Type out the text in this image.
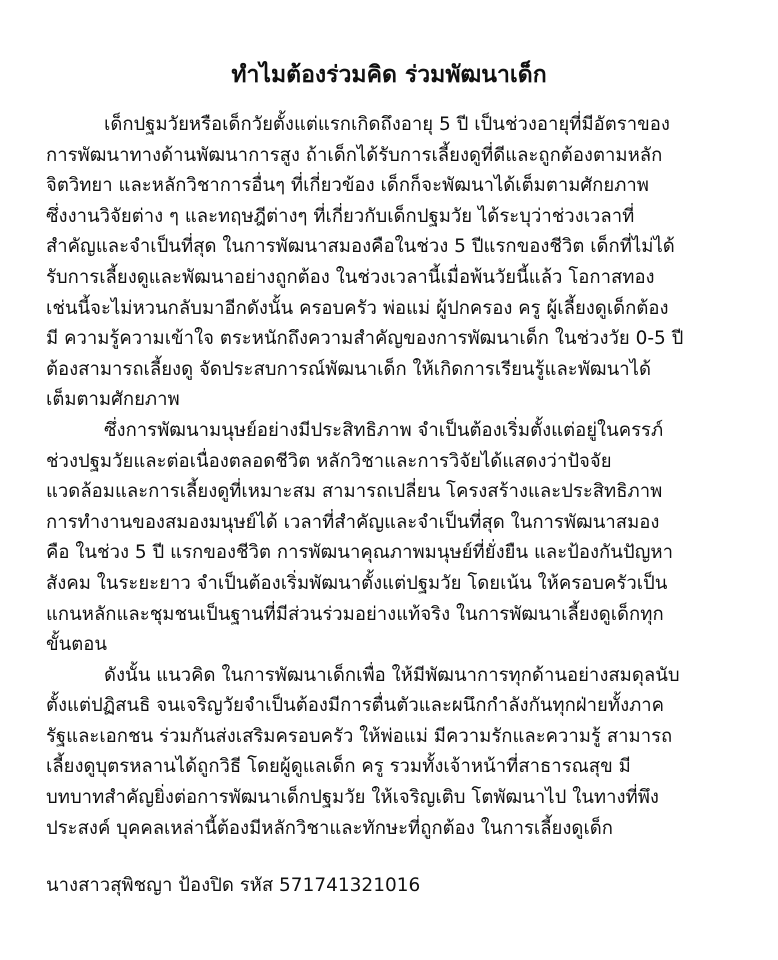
ทำไมต้องร่วมคิด ร่วมพัฒนาเด็ก
เด็กปฐมวัยหรือเด็กวัยตั้งแต่แรกเกิดถึงอายุ 5 ปี เป็นช่วงอายุที่มีอัตราของ
การพัฒนาทางด้านพัฒนาการสูง ถ้าเด็กได้รับการเลี้ยงดูที่ดีและถูกต้องตามหลัก
จิตวิทยา และหลักวิชาการอื่นๆ ที่เกี่ยวข้อง เด็กก็จะพัฒนาได้เต็มตามศักยภาพ
ซึ่งงานวิจัยต่าง ๆ และทฤษฎีต่างๆ ที่เกี่ยวกับเด็กปฐมวัย ได้ระบุว่าช่วงเวลาที่
สำคัญและจำเป็นที่สุด ในการพัฒนาสมองคือในช่วง 5 ปีแรกของชีวิต เด็กที่ไม่ได้
รับการเลี้ยงดูและพัฒนาอย่างถูกต้อง ในช่วงเวลานี้เมื่อพ้นวัยนี้แล้ว โอกาสทอง
เช่นนี้จะไม่หวนกลับมาอีกดังนั้น ครอบครัว พ่อแม่ ผู้ปกครอง ครู ผู้เลี้ยงดูเด็กต้อง
มี ความรู้ความเข้าใจ ตระหนักถึงความสำคัญของการพัฒนาเด็ก ในช่วงวัย 0-5 ปี
ต้องสามารถเลี้ยงดู จัดประสบการณ์พัฒนาเด็ก ให้เกิดการเรียนรู้และพัฒนาได้
เต็มตามศักยภาพ
ซึ่งการพัฒนามนุษย์อย่างมีประสิทธิภาพ จำเป็นต้องเริ่มตั้งแต่อยู่ในครรภ์
ช่วงปฐมวัยและต่อเนื่องตลอดชีวิต หลักวิชาและการวิจัยได้แสดงว่าปัจจัย
แวดล้อมและการเลี้ยงดูที่เหมาะสม สามารถเปลี่ยน โครงสร้างและประสิทธิภาพ
การทำงานของสมองมนุษย์ได้ เวลาที่สำคัญและจำเป็นที่สุด ในการพัฒนาสมอง
คือ ในช่วง 5 ปี แรกของชีวิต การพัฒนาคุณภาพมนุษย์ที่ยั่งยืน และป้องกันปัญหา
สังคม ในระยะยาว จำเป็นต้องเริ่มพัฒนาตั้งแต่ปฐมวัย โดยเน้น ให้ครอบครัวเป็น
แกนหลักและชุมชนเป็นฐานที่มีส่วนร่วมอย่างแท้จริง ในการพัฒนาเลี้ยงดูเด็กทุก
ขั้นตอน
ดังนั้น แนวคิด ในการพัฒนาเด็กเพื่อ ให้มีพัฒนาการทุกด้านอย่างสมดุลนับ
ตั้งแต่ปฏิสนธิ จนเจริญวัยจำเป็นต้องมีการตื่นตัวและผนึกกำลังกันทุกฝ่ายทั้งภาค
รัฐและเอกชน ร่วมกันส่งเสริมครอบครัว ให้พ่อแม่ มีความรักและความรู้ สามารถ
เลี้ยงดูบุตรหลานได้ถูกวิธี โดยผู้ดูแลเด็ก ครู รวมทั้งเจ้าหน้าที่สาธารณสุข มี
บทบาทสำคัญยิ่งต่อการพัฒนาเด็กปฐมวัย ให้เจริญเติบ โตพัฒนาไป ในทางที่พึง
ประสงค์ บุคคลเหล่านี้ต้องมีหลักวิชาและทักษะที่ถูกต้อง ในการเลี้ยงดูเด็ก
นางสาวสุพิชญา ป้องปิด รหัส 571741321016
